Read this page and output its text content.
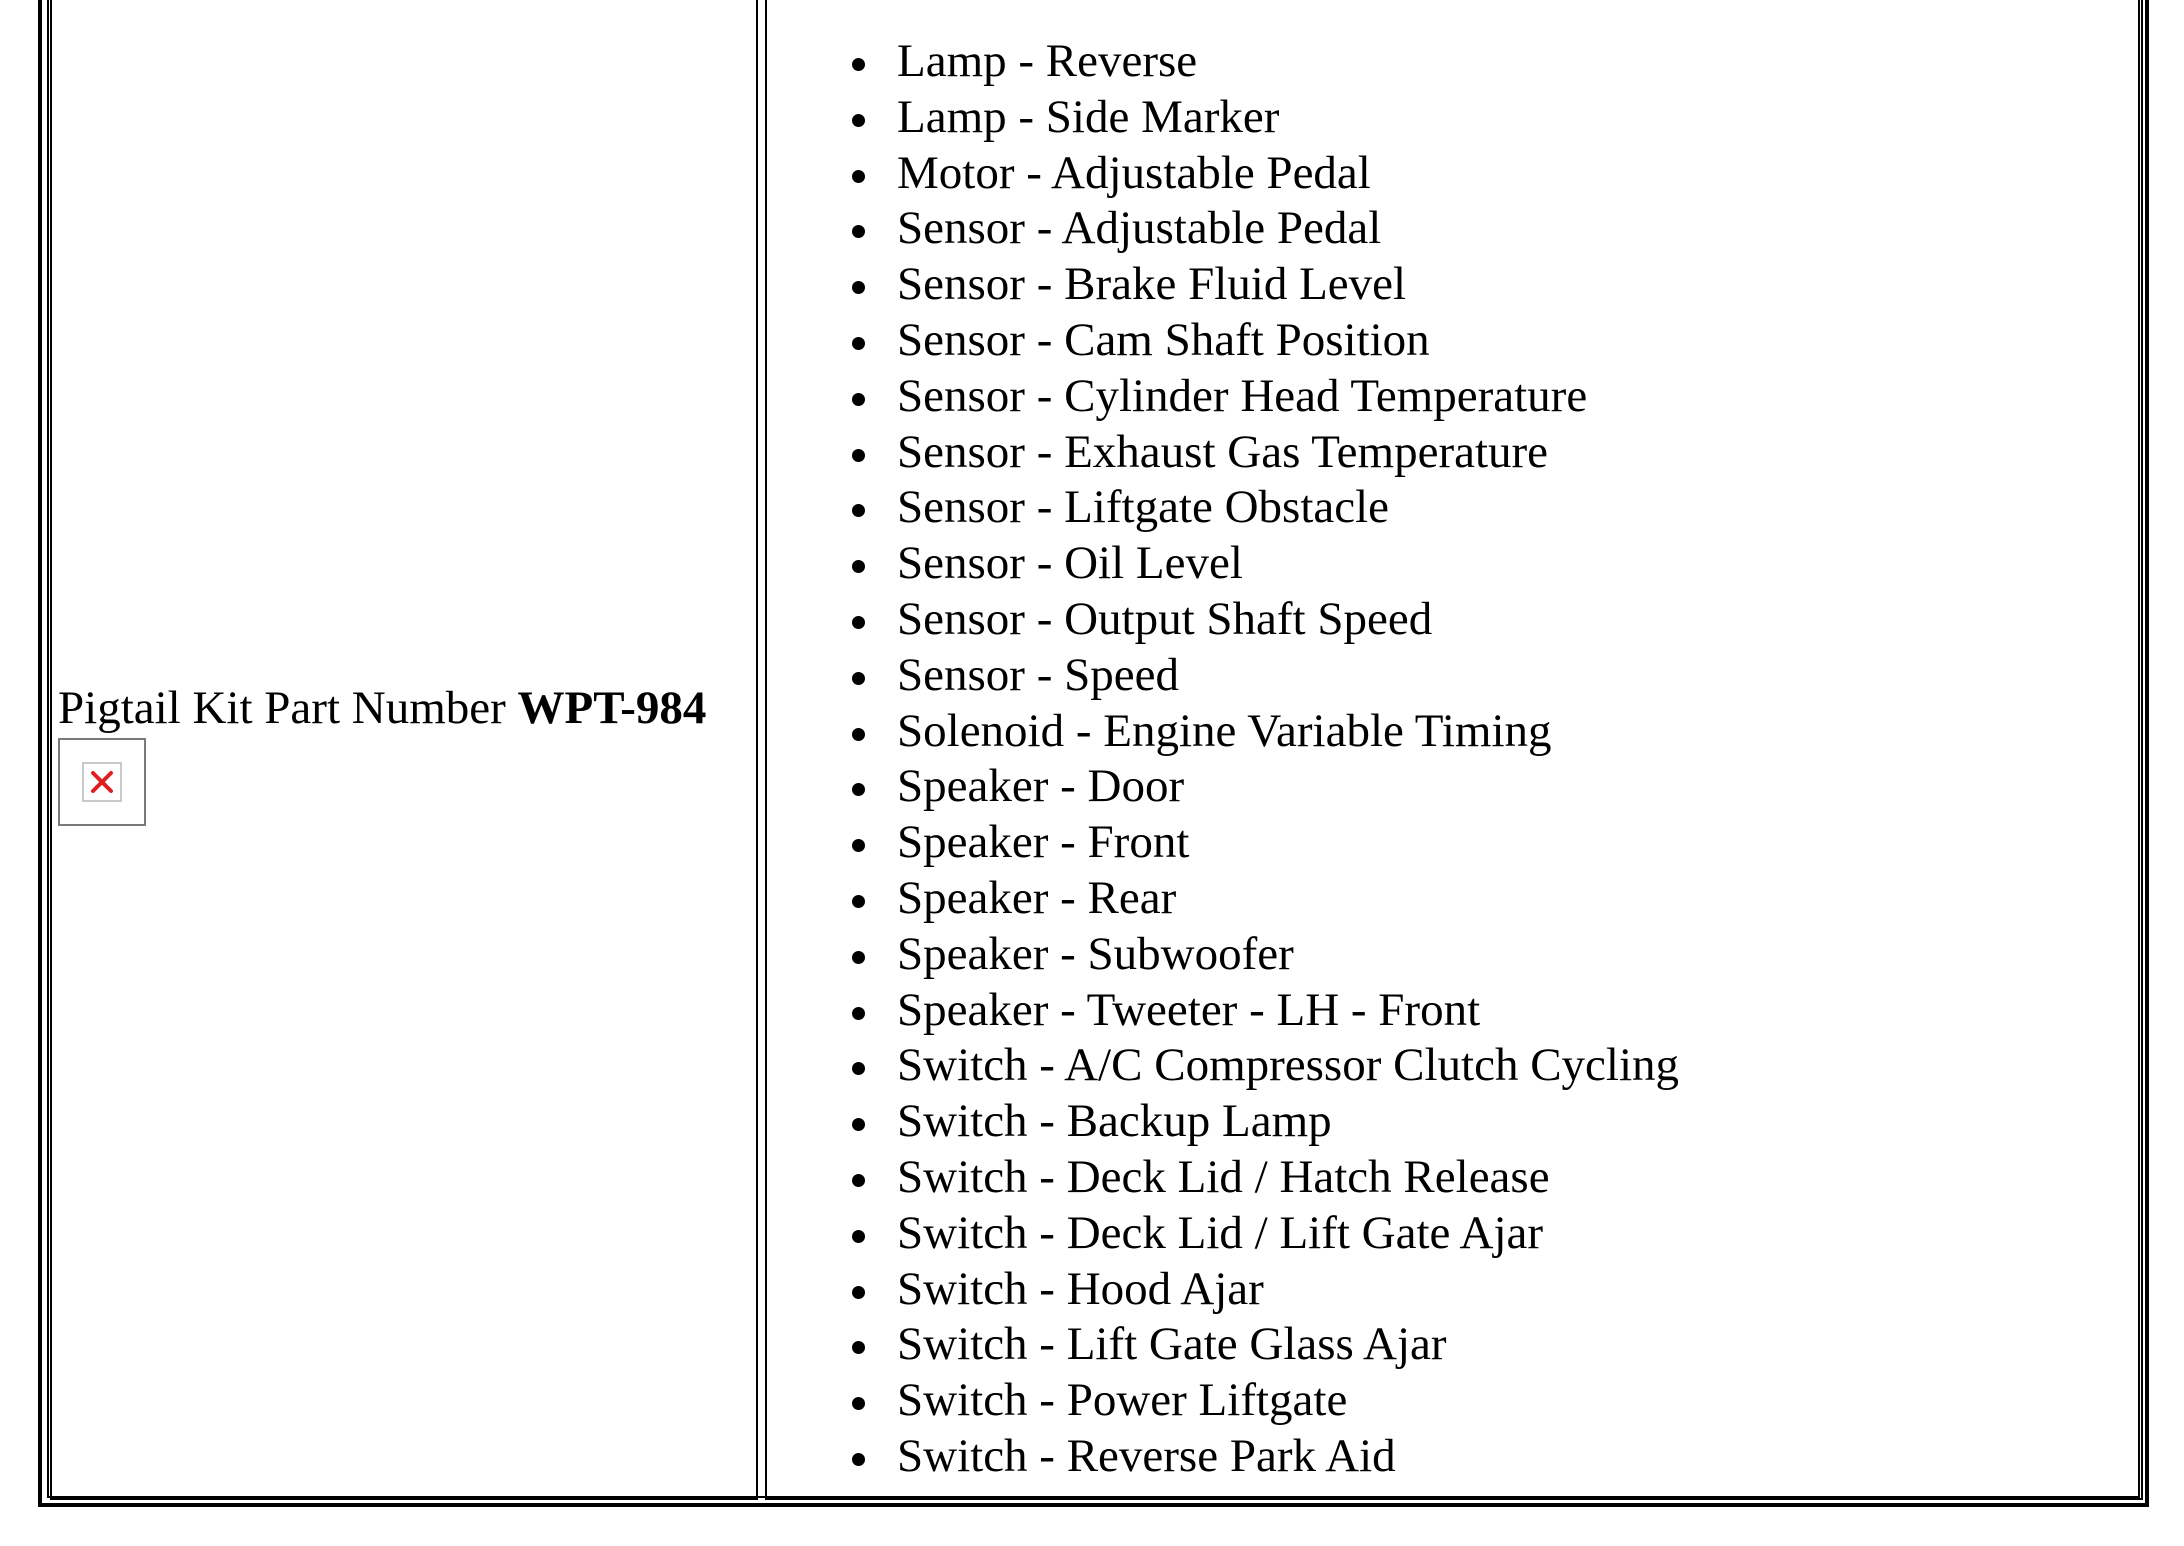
Pigtail Kit Part Number WPT-984
Lamp - Reverse
Lamp - Side Marker
Motor - Adjustable Pedal
Sensor - Adjustable Pedal
Sensor - Brake Fluid Level
Sensor - Cam Shaft Position
Sensor - Cylinder Head Temperature
Sensor - Exhaust Gas Temperature
Sensor - Liftgate Obstacle
Sensor - Oil Level
Sensor - Output Shaft Speed
Sensor - Speed
Solenoid - Engine Variable Timing
Speaker - Door
Speaker - Front
Speaker - Rear
Speaker - Subwoofer
Speaker - Tweeter - LH - Front
Switch - A/C Compressor Clutch Cycling
Switch - Backup Lamp
Switch - Deck Lid / Hatch Release
Switch - Deck Lid / Lift Gate Ajar
Switch - Hood Ajar
Switch - Lift Gate Glass Ajar
Switch - Power Liftgate
Switch - Reverse Park Aid
